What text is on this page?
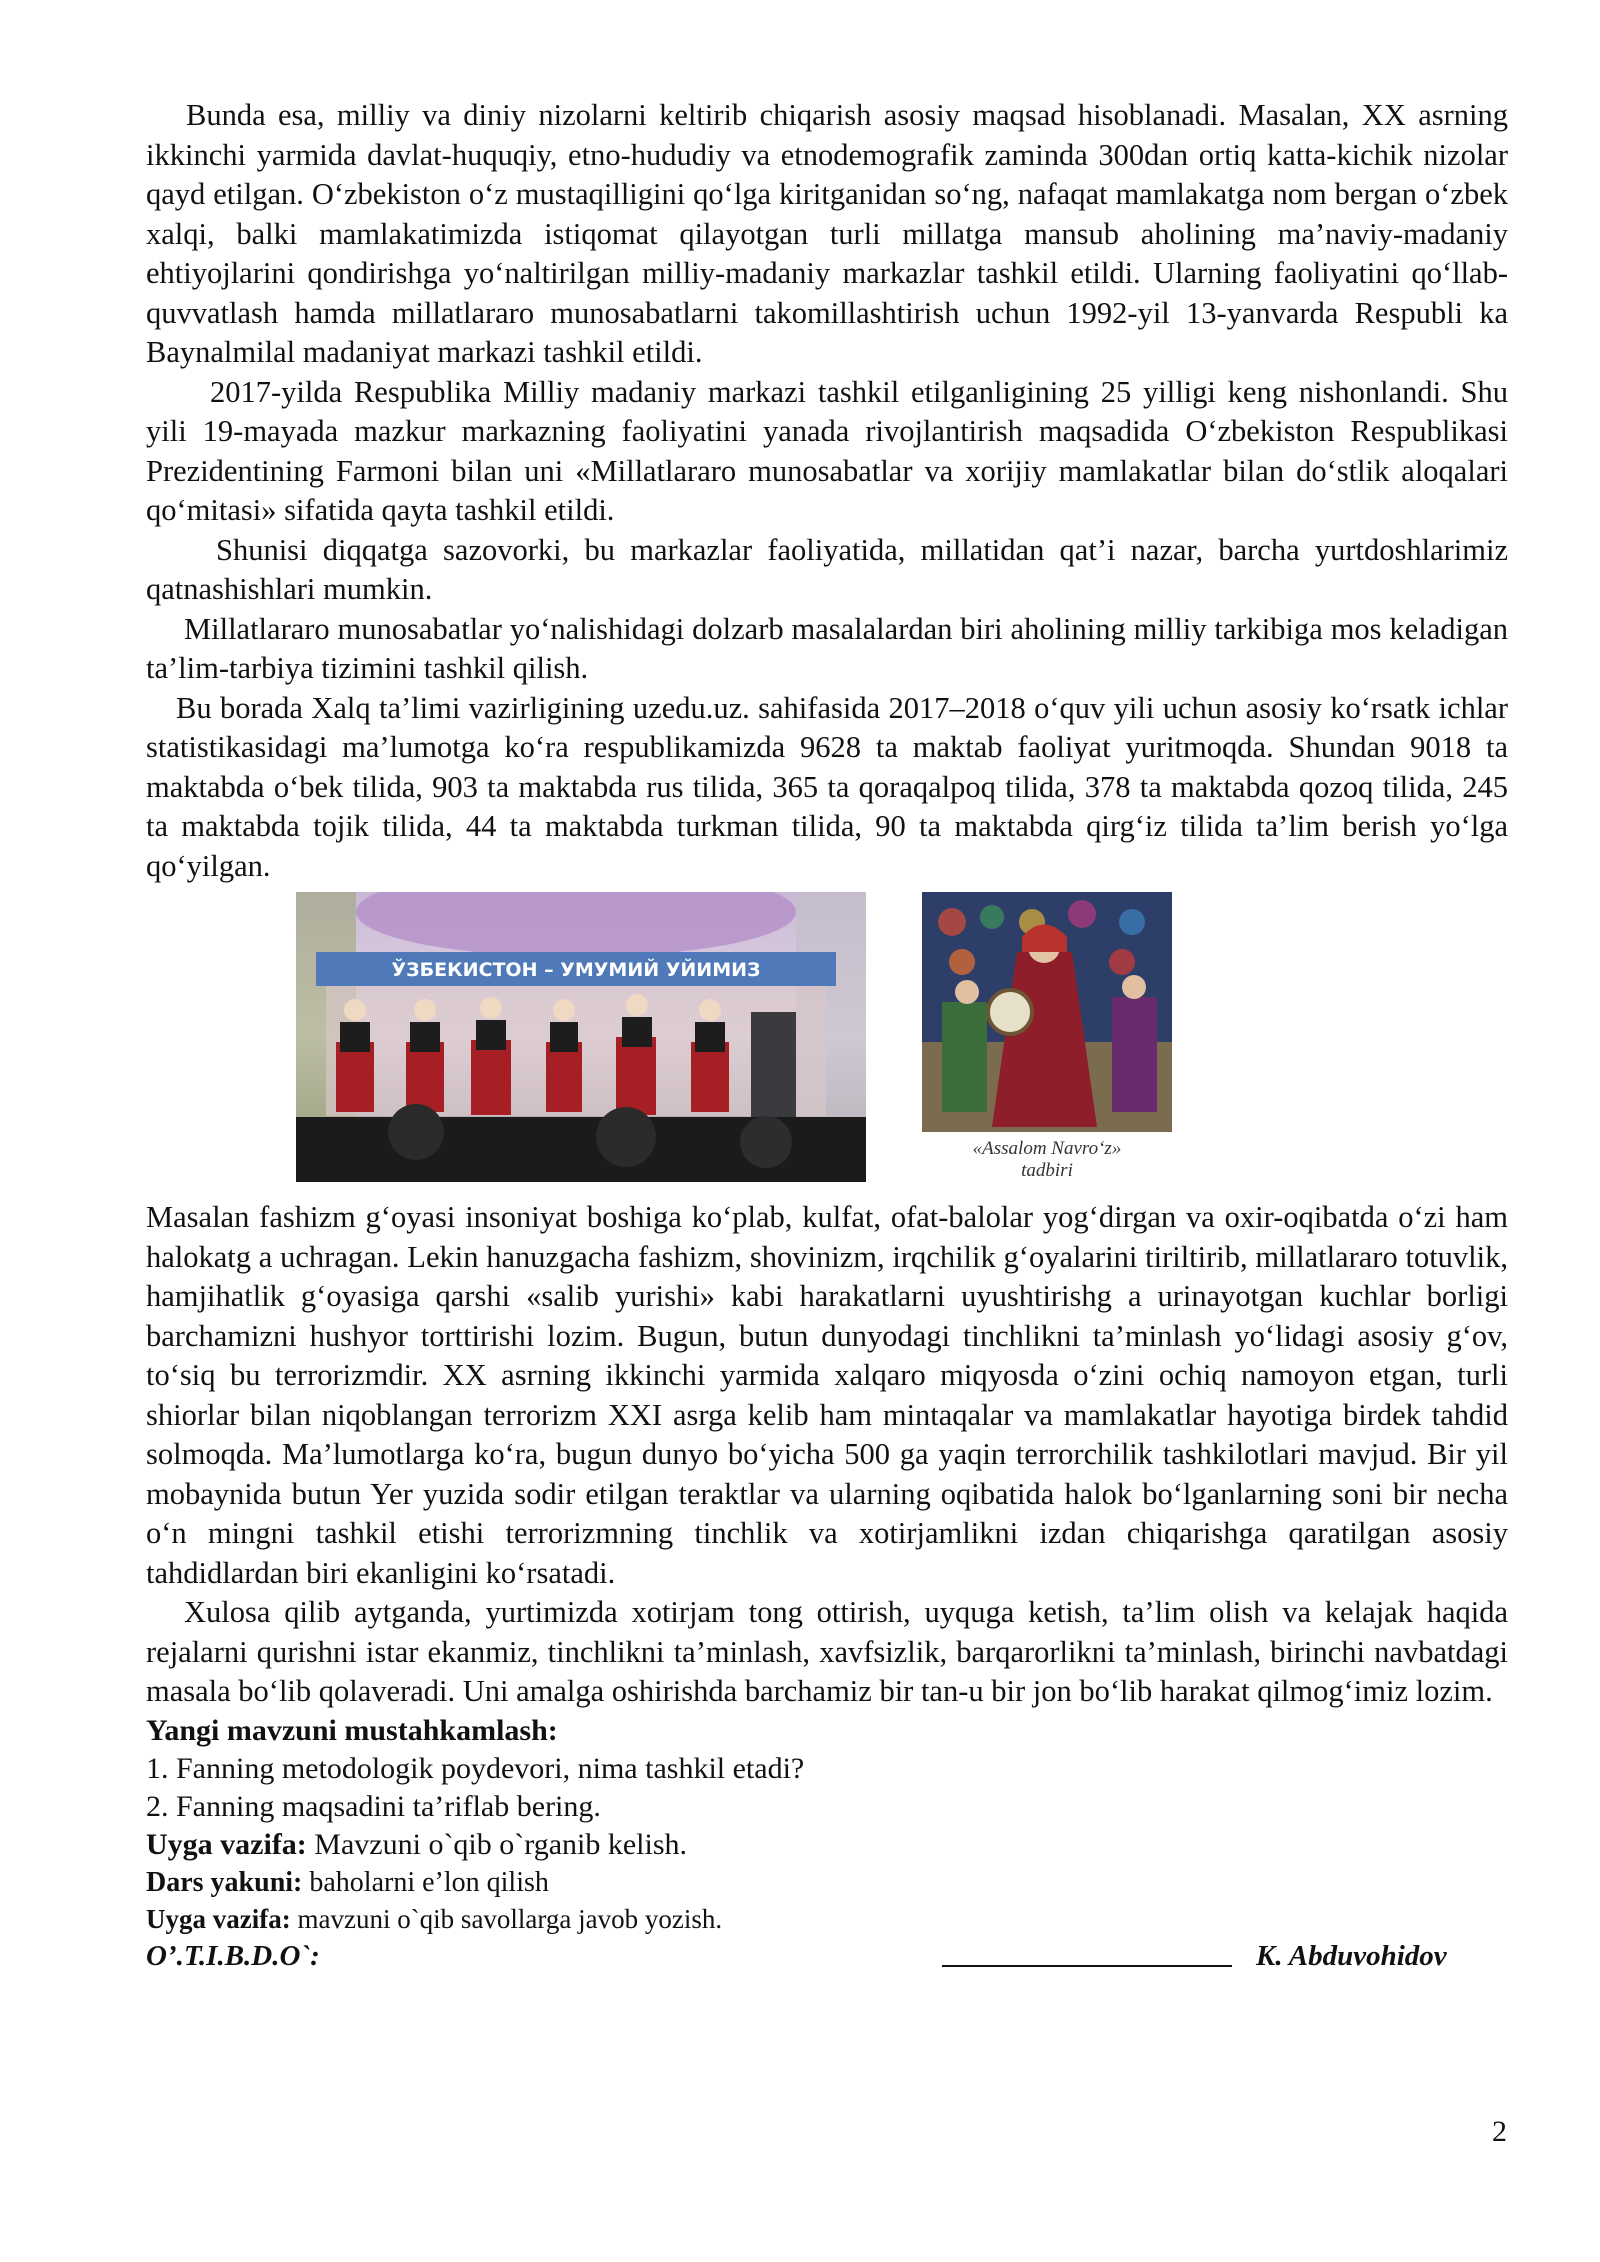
Bunda esa, milliy va diniy nizolarni keltirib chiqarish asosiy maqsad hisoblanadi. Masalan, XX asrning ikkinchi yarmida davlat-huquqiy, etno-hududiy va etnodemografik zaminda 300dan ortiq katta-kichik nizolar qayd etilgan. O‘zbekiston o‘z mustaqilligini qo‘lga kiritganidan so‘ng, nafaqat mamlakatga nom bergan o‘zbek xalqi, balki mamlakatimizda istiqomat qilayotgan turli millatga mansub aholining ma’naviy-madaniy ehtiyojlarini qondirishga yo‘naltirilgan milliy-madaniy markazlar tashkil etildi. Ularning faoliyatini qo‘llab-quvvatlash hamda millatlararo munosabatlarni takomillashtirish uchun 1992-yil 13-yanvarda Respubli ka Baynalmilal madaniyat markazi tashkil etildi.

2017-yilda Respublika Milliy madaniy markazi tashkil etilganligining 25 yilligi keng nishonlandi. Shu yili 19-mayada mazkur markazning faoliyatini yanada rivojlantirish maqsadida O‘zbekiston Respublikasi Prezidentining Farmoni bilan uni «Millatlararo munosabatlar va xorijiy mamlakatlar bilan do‘stlik aloqalari qo‘mitasi» sifatida qayta tashkil etildi.

Shunisi diqqatga sazovorki, bu markazlar faoliyatida, millatidan qat’i nazar, barcha yurtdoshlarimiz qatnashishlari mumkin.

Millatlararo munosabatlar yo‘nalishidagi dolzarb masalalardan biri aholining milliy tarkibiga mos keladigan ta’lim-tarbiya tizimini tashkil qilish.

Bu borada Xalq ta’limi vazirligining uzedu.uz. sahifasida 2017–2018 o‘quv yili uchun asosiy ko‘rsatk ichlar statistikasidagi ma’lumotga ko‘ra respublikamizda 9628 ta maktab faoliyat yuritmoqda. Shundan 9018 ta maktabda o‘bek tilida, 903 ta maktabda rus tilida, 365 ta qoraqalpoq tilida, 378 ta maktabda qozoq tilida, 245 ta maktabda tojik tilida, 44 ta maktabda turkman tilida, 90 ta maktabda qirg‘iz tilida ta’lim berish yo‘lga qo‘yilgan.

ЎЗБЕКИСТОН – УМУМИЙ УЙИМИЗ
«Assalom Navro‘z»
tadbiri

Masalan fashizm g‘oyasi insoniyat boshiga ko‘plab, kulfat, ofat-balolar yog‘dirgan va oxir-oqibatda o‘zi ham halokatg a uchragan. Lekin hanuzgacha fashizm, shovinizm, irqchilik g‘oyalarini tiriltirib, millatlararo totuvlik, hamjihatlik g‘oyasiga qarshi «salib yurishi» kabi harakatlarni uyushtirishg a urinayotgan kuchlar borligi barchamizni hushyor torttirishi lozim. Bugun, butun dunyodagi tinchlikni ta’minlash yo‘lidagi asosiy g‘ov, to‘siq bu terrorizmdir. XX asrning ikkinchi yarmida xalqaro miqyosda o‘zini ochiq namoyon etgan, turli shiorlar bilan niqoblangan terrorizm XXI asrga kelib ham mintaqalar va mamlakatlar hayotiga birdek tahdid solmoqda. Ma’lumotlarga ko‘ra, bugun dunyo bo‘yicha 500 ga yaqin terrorchilik tashkilotlari mavjud. Bir yil mobaynida butun Yer yuzida sodir etilgan teraktlar va ularning oqibatida halok bo‘lganlarning soni bir necha o‘n mingni tashkil etishi terrorizmning tinchlik va xotirjamlikni izdan chiqarishga qaratilgan asosiy tahdidlardan biri ekanligini ko‘rsatadi.

Xulosa qilib aytganda, yurtimizda xotirjam tong ottirish, uyquga ketish, ta’lim olish va kelajak haqida rejalarni qurishni istar ekanmiz, tinchlikni ta’minlash, xavfsizlik, barqarorlikni ta’minlash, birinchi navbatdagi masala bo‘lib qolaveradi. Uni amalga oshirishda barchamiz bir tan-u bir jon bo‘lib harakat qilmog‘imiz lozim.

Yangi mavzuni mustahkamlash:

1. Fanning metodologik poydevori, nima tashkil etadi?

2. Fanning maqsadini ta’riflab bering.

Uyga vazifa: Mavzuni o`qib o`rganib kelish.

Dars yakuni: baholarni e’lon qilish

Uyga vazifa: mavzuni o`qib savollarga javob yozish.

O’.T.I.B.D.O`:	K. Abduvohidov
2
